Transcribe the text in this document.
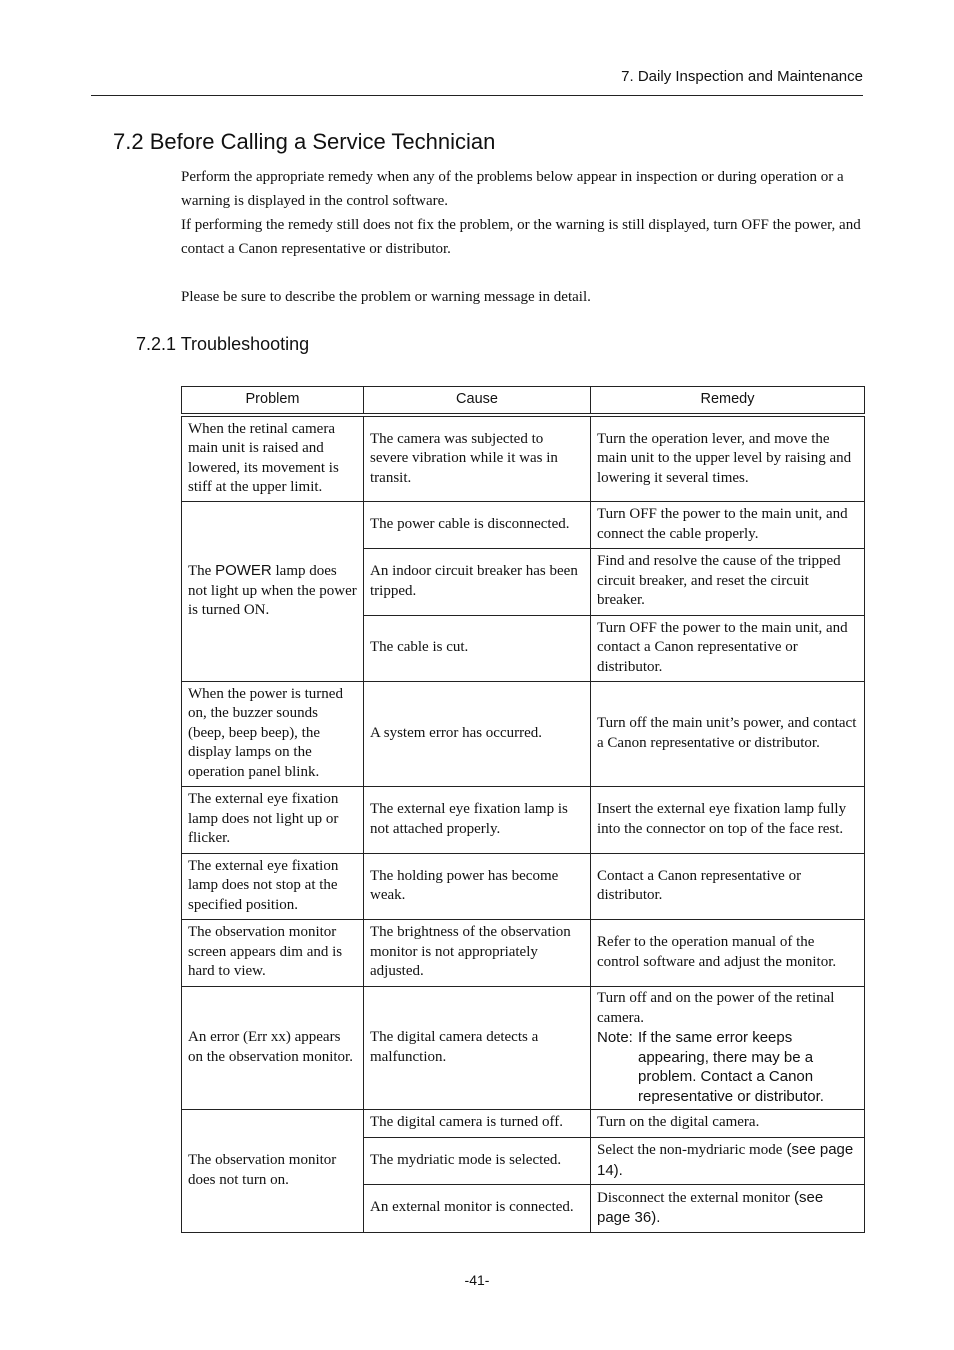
7. Daily Inspection and Maintenance
7.2 Before Calling a Service Technician

Perform the appropriate remedy when any of the problems below appear in inspection or during operation or a warning is displayed in the control software.

If performing the remedy still does not fix the problem, or the warning is still displayed, turn OFF the power, and contact a Canon representative or distributor.

Please be sure to describe the problem or warning message in detail.

7.2.1 Troubleshooting
Problem	Cause	Remedy
When the retinal camera main unit is raised and lowered, its movement is stiff at the upper limit.	The camera was subjected to severe vibration while it was in transit.	Turn the operation lever, and move the main unit to the upper level by raising and lowering it several times.
The POWER lamp does not light up when the power is turned ON.	The power cable is disconnected.	Turn OFF the power to the main unit, and connect the cable properly.
	An indoor circuit breaker has been tripped.	Find and resolve the cause of the tripped circuit breaker, and reset the circuit breaker.
	The cable is cut.	Turn OFF the power to the main unit, and contact a Canon representative or distributor.
When the power is turned on, the buzzer sounds (beep, beep beep), the display lamps on the operation panel blink.	A system error has occurred.	Turn off the main unit’s power, and contact a Canon representative or distributor.
The external eye fixation lamp does not light up or flicker.	The external eye fixation lamp is not attached properly.	Insert the external eye fixation lamp fully into the connector on top of the face rest.
The external eye fixation lamp does not stop at the specified position.	The holding power has become weak.	Contact a Canon representative or distributor.
The observation monitor screen appears dim and is hard to view.	The brightness of the observation monitor is not appropriately adjusted.	Refer to the operation manual of the control software and adjust the monitor.
An error (Err xx) appears on the observation monitor.	The digital camera detects a malfunction.	Turn off and on the power of the retinal camera.
Note: If the same error keeps appearing, there may be a problem. Contact a Canon representative or distributor.

The observation monitor does not turn on.	The digital camera is turned off.	Turn on the digital camera.
	The mydriatic mode is selected.	Select the non-mydriaric mode (see page 14).
	An external monitor is connected.	Disconnect the external monitor (see page 36).
-41-
